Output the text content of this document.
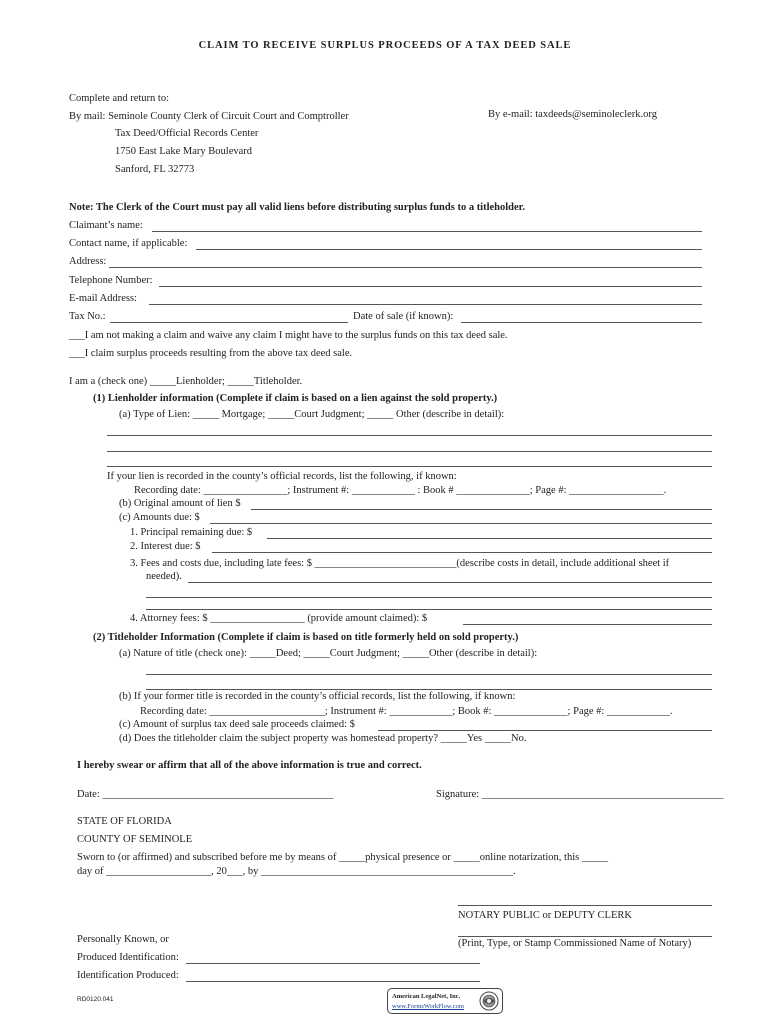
CLAIM TO RECEIVE SURPLUS PROCEEDS OF A TAX DEED SALE
Complete and return to:
By mail: Seminole County Clerk of Circuit Court and Comptroller
Tax Deed/Official Records Center
1750 East Lake Mary Boulevard
Sanford, FL 32773
By e-mail: taxdeeds@seminoleclerk.org
Note: The Clerk of the Court must pay all valid liens before distributing surplus funds to a titleholder.
Claimant’s name:
Contact name, if applicable:
Address:
Telephone Number:
E-mail Address:
Tax No.:	Date of sale (if known):
___I am not making a claim and waive any claim I might have to the surplus funds on this tax deed sale.
___I claim surplus proceeds resulting from the above tax deed sale.
I am a (check one) _____Lienholder; _____Titleholder.
(1) Lienholder information (Complete if claim is based on a lien against the sold property.)
(a) Type of Lien: _____ Mortgage; _____Court Judgment; _____ Other (describe in detail):
If your lien is recorded in the county’s official records, list the following, if known:
Recording date: ________________; Instrument #: ____________ : Book # ______________; Page #: __________________.
(b) Original amount of lien $
(c) Amounts due: $
1. Principal remaining due: $
2. Interest due: $
3. Fees and costs due, including late fees: $ ___________________________(describe costs in detail, include additional sheet if
needed).
4. Attorney fees: $ __________________ (provide amount claimed): $
(2) Titleholder Information (Complete if claim is based on title formerly held on sold property.)
(a) Nature of title (check one): _____Deed; _____Court Judgment; _____Other (describe in detail):
(b) If your former title is recorded in the county’s official records, list the following, if known:
Recording date: ______________________; Instrument #: ____________; Book #: ______________; Page #: ____________.
(c) Amount of surplus tax deed sale proceeds claimed: $
(d) Does the titleholder claim the subject property was homestead property? _____Yes _____No.
I hereby swear or affirm that all of the above information is true and correct.
Date: ____________________________________________	Signature: ______________________________________________
STATE OF FLORIDA
COUNTY OF SEMINOLE
Sworn to (or affirmed) and subscribed before me by means of _____physical presence or _____online notarization, this _____
day of ____________________, 20___, by ________________________________________________.
NOTARY PUBLIC or DEPUTY CLERK
(Print, Type, or Stamp Commissioned Name of Notary)
Personally Known, or
Produced Identification:
Identification Produced:
RD0120.041	American LegalNet, Inc.
www.FormsWorkFlow.com
